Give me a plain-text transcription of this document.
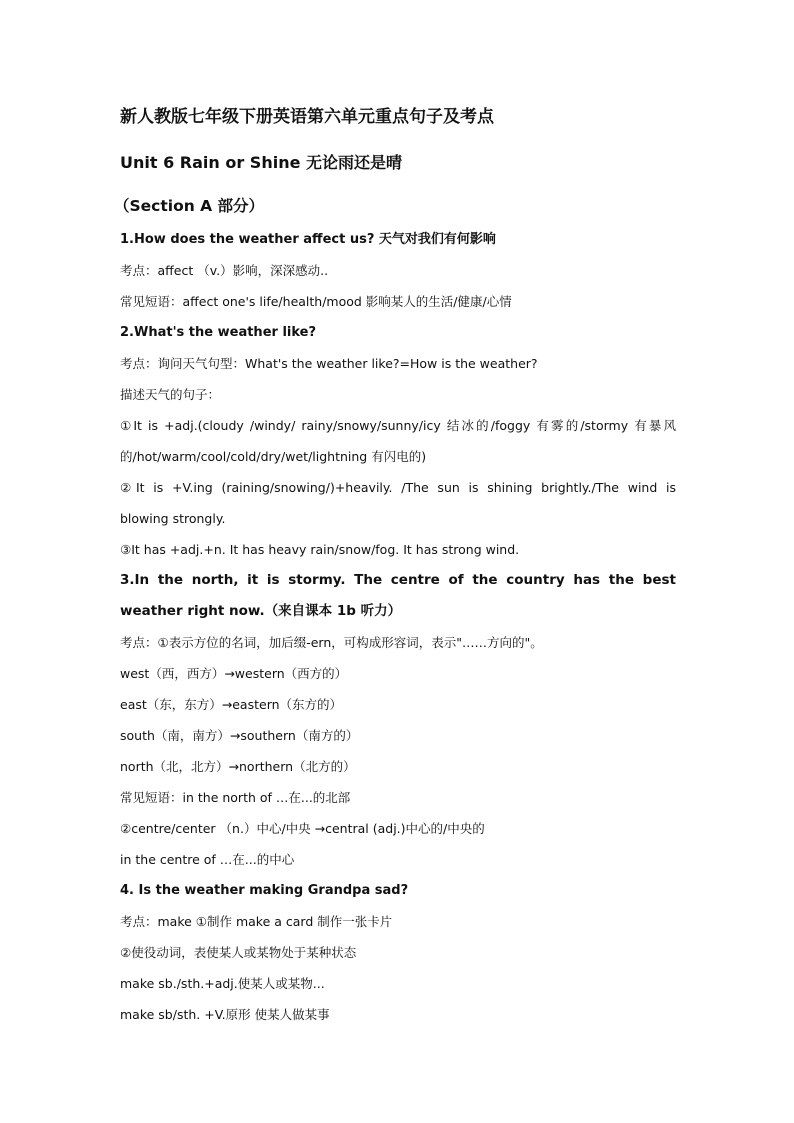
新人教版七年级下册英语第六单元重点句子及考点
Unit 6 Rain or Shine 无论雨还是晴
（Section A 部分）
1.How does the weather affect us? 天气对我们有何影响
考点：affect （v.）影响，深深感动..
常见短语：affect one's life/health/mood 影响某人的生活/健康/心情
2.What's the weather like?
考点：询问天气句型：What's the weather like?=How is the weather?
描述天气的句子：
①It is +adj.(cloudy /windy/ rainy/snowy/sunny/icy 结冰的/foggy 有雾的/stormy 有暴风的/hot/warm/cool/cold/dry/wet/lightning 有闪电的)
②It is +V.ing (raining/snowing/)+heavily. /The sun is shining brightly./The wind is blowing strongly.
③It has +adj.+n. It has heavy rain/snow/fog. It has strong wind.
3.In the north, it is stormy. The centre of the country has the best weather right now.（来自课本 1b 听力）
考点：①表示方位的名词，加后缀-ern，可构成形容词，表示"……方向的"。
west（西，西方）→western（西方的）
east（东，东方）→eastern（东方的）
south（南，南方）→southern（南方的）
north（北，北方）→northern（北方的）
常见短语：in the north of …在...的北部
②centre/center （n.）中心/中央 →central (adj.)中心的/中央的
in the centre of …在...的中心
4. Is the weather making Grandpa sad?
考点：make ①制作 make a card 制作一张卡片
②使役动词，表使某人或某物处于某种状态
make sb./sth.+adj.使某人或某物...
make sb/sth. +V.原形 使某人做某事
